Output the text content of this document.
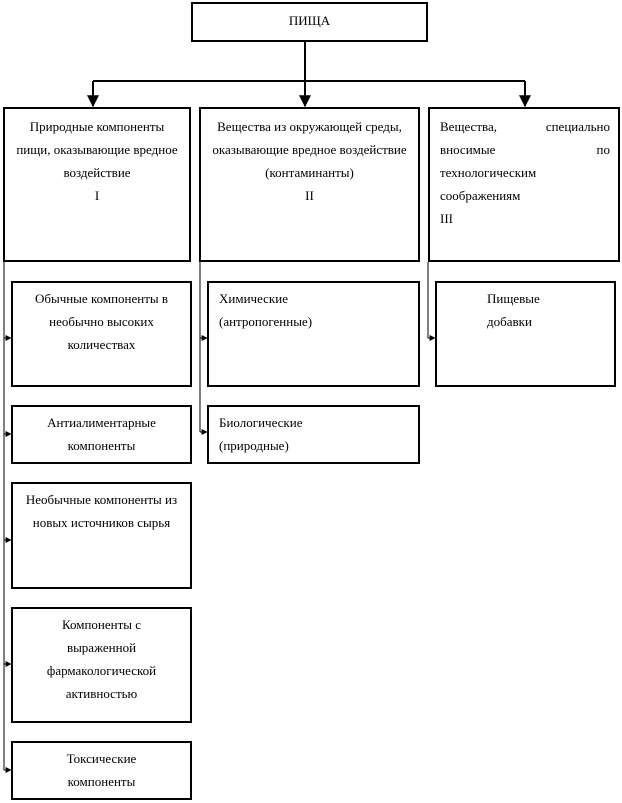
ПИЩА
Природные компоненты пищи, оказывающие вредное воздействие
I
Вещества из окружающей среды, оказывающие вредное воздействие (контаминанты)
II
Вещества, специально вносимые по технологическим соображениям
III
Обычные компоненты в необычно высоких количествах
Антиалиментарные компоненты
Необычные компоненты из новых источников сырья
Компоненты с выраженной фармакологической активностью
Токсические компоненты
Химические (антропогенные)
Биологические (природные)
Пищевые добавки
